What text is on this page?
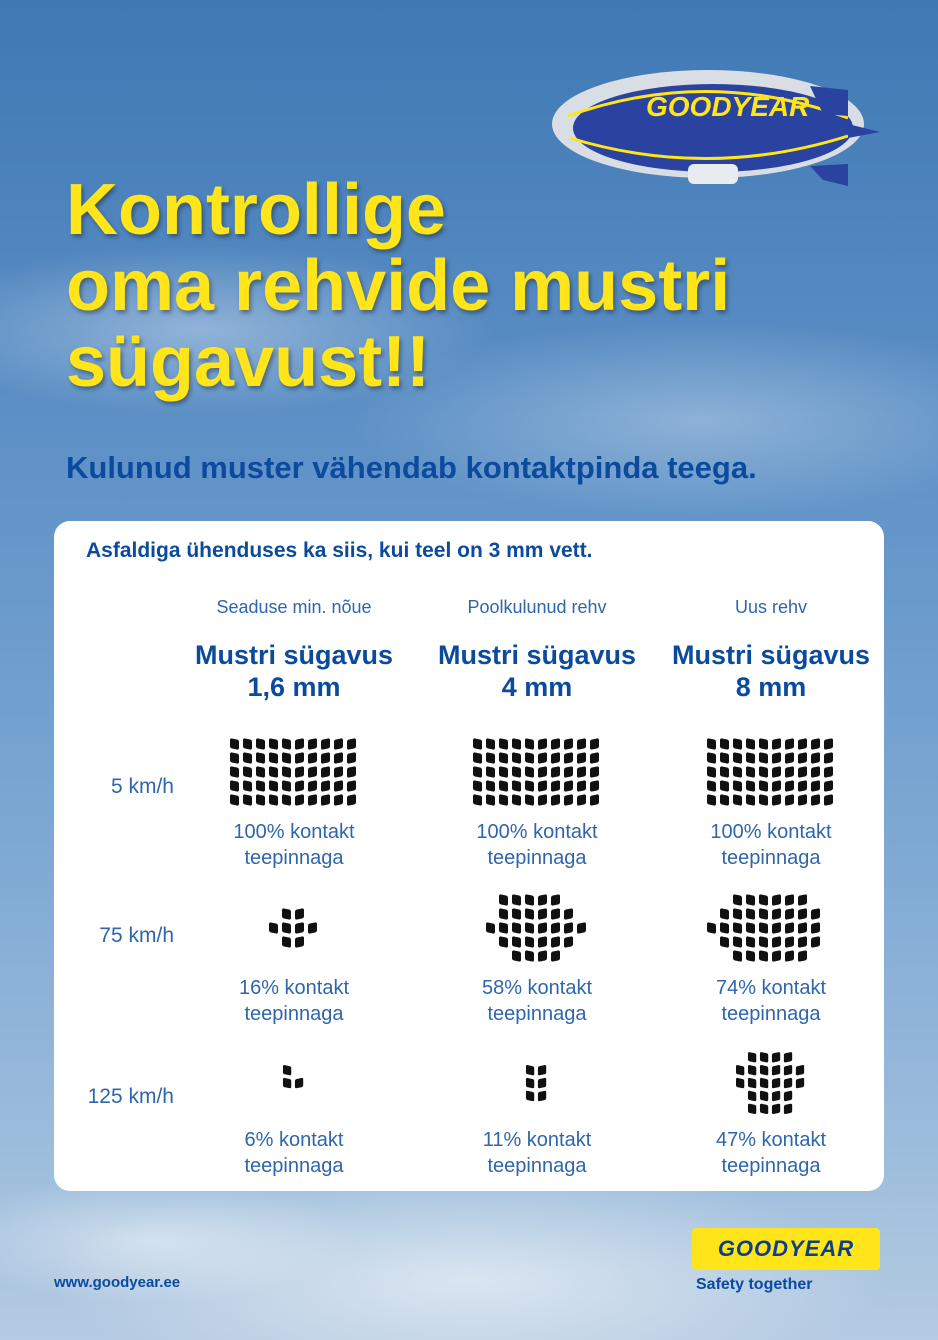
GOODYEAR
Kontrollige
oma rehvide mustri
sügavust!!

Kulunud muster vähendab kontaktpinda teega.

Asfaldiga ühenduses ka siis, kui teel on 3 mm vett.

Seaduse min. nõue	Poolkulunud rehv	Uus rehv
Mustri sügavus
1,6 mm
Mustri sügavus
4 mm
Mustri sügavus
8 mm
5 km/h
75 km/h
125 km/h
100% kontakt
teepinnaga
100% kontakt
teepinnaga
100% kontakt
teepinnaga
16% kontakt
teepinnaga
58% kontakt
teepinnaga
74% kontakt
teepinnaga
6% kontakt
teepinnaga
11% kontakt
teepinnaga
47% kontakt
teepinnaga
www.goodyear.ee
GOODYEAR
Safety together
